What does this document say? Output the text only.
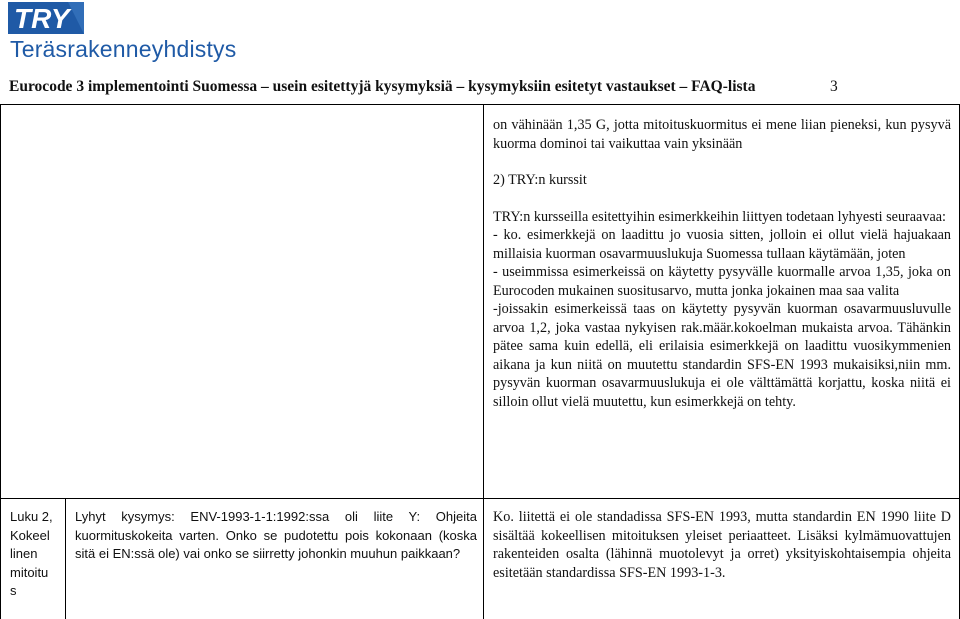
TRY
Teräsrakenneyhdistys
Eurocode 3 implementointi Suomessa – usein esitettyjä kysymyksiä – kysymyksiin esitetyt vastaukset – FAQ-lista	3

on vähinään 1,35 G, jotta mitoituskuormitus ei mene liian pieneksi, kun pysyvä kuorma dominoi tai vaikuttaa vain yksinään

2) TRY:n kurssit

TRY:n kursseilla esitettyihin esimerkkeihin liittyen todetaan lyhyesti seuraavaa:

- ko. esimerkkejä on laadittu jo vuosia sitten, jolloin ei ollut vielä hajuakaan millaisia kuorman osavarmuuslukuja Suomessa tullaan käytämään, joten

- useimmissa esimerkeissä on käytetty pysyvälle kuormalle arvoa 1,35, joka on Eurocoden mukainen suositusarvo, mutta jonka jokainen maa saa valita

-joissakin esimerkeissä taas on käytetty pysyvän kuorman osavarmuusluvulle arvoa 1,2, joka vastaa nykyisen rak.määr.kokoelman mukaista arvoa. Tähänkin pätee sama kuin edellä, eli erilaisia esimerkkejä on laadittu vuosikymmenien aikana ja kun niitä on muutettu standardin SFS-EN 1993 mukaisiksi,niin mm. pysyvän kuorman osavarmuuslukuja ei ole välttämättä korjattu, koska niitä ei silloin ollut vielä muutettu, kun esimerkkejä on tehty.

Luku 2, Kokeel linen mitoitu s
Lyhyt kysymys: ENV-1993-1-1:1992:ssa oli liite Y: Ohjeita kuormituskokeita varten. Onko se pudotettu pois kokonaan (koska sitä ei EN:ssä ole) vai onko se siirretty johonkin muuhun paikkaan?
Ko. liitettä ei ole standadissa SFS-EN 1993, mutta standardin EN 1990 liite D sisältää kokeellisen mitoituksen yleiset periaatteet. Lisäksi kylmämuovattujen rakenteiden osalta (lähinnä muotolevyt ja orret) yksityiskohtaisempia ohjeita esitetään standardissa SFS-EN 1993-1-3.
